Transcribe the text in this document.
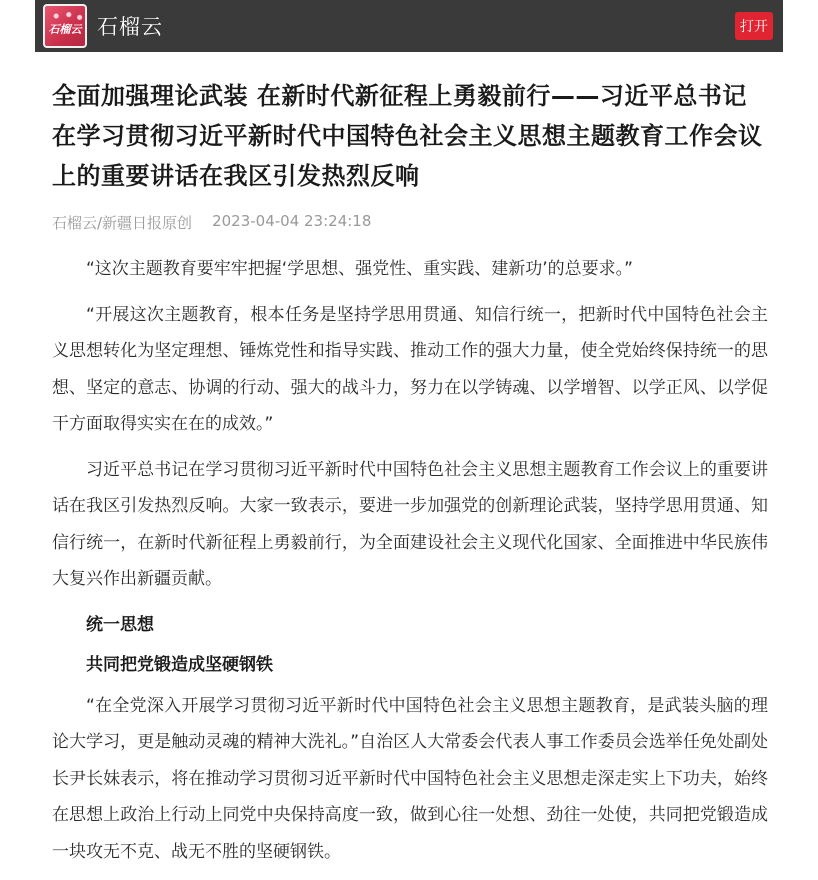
石榴云 石榴云	打开
全面加强理论武装 在新时代新征程上勇毅前行——习近平总书记在学习贯彻习近平新时代中国特色社会主义思想主题教育工作会议上的重要讲话在我区引发热烈反响
石榴云/新疆日报原创 2023-04-04 23:24:18

“这次主题教育要牢牢把握‘学思想、强党性、重实践、建新功’的总要求。”

“开展这次主题教育，根本任务是坚持学思用贯通、知信行统一，把新时代中国特色社会主义思想转化为坚定理想、锤炼党性和指导实践、推动工作的强大力量，使全党始终保持统一的思想、坚定的意志、协调的行动、强大的战斗力，努力在以学铸魂、以学增智、以学正风、以学促干方面取得实实在在的成效。”

习近平总书记在学习贯彻习近平新时代中国特色社会主义思想主题教育工作会议上的重要讲话在我区引发热烈反响。大家一致表示，要进一步加强党的创新理论武装，坚持学思用贯通、知信行统一，在新时代新征程上勇毅前行，为全面建设社会主义现代化国家、全面推进中华民族伟大复兴作出新疆贡献。

统一思想

共同把党锻造成坚硬钢铁

“在全党深入开展学习贯彻习近平新时代中国特色社会主义思想主题教育，是武装头脑的理论大学习，更是触动灵魂的精神大洗礼。”自治区人大常委会代表人事工作委员会选举任免处副处长尹长妹表示，将在推动学习贯彻习近平新时代中国特色社会主义思想走深走实上下功夫，始终在思想上政治上行动上同党中央保持高度一致，做到心往一处想、劲往一处使，共同把党锻造成一块攻无不克、战无不胜的坚硬钢铁。
